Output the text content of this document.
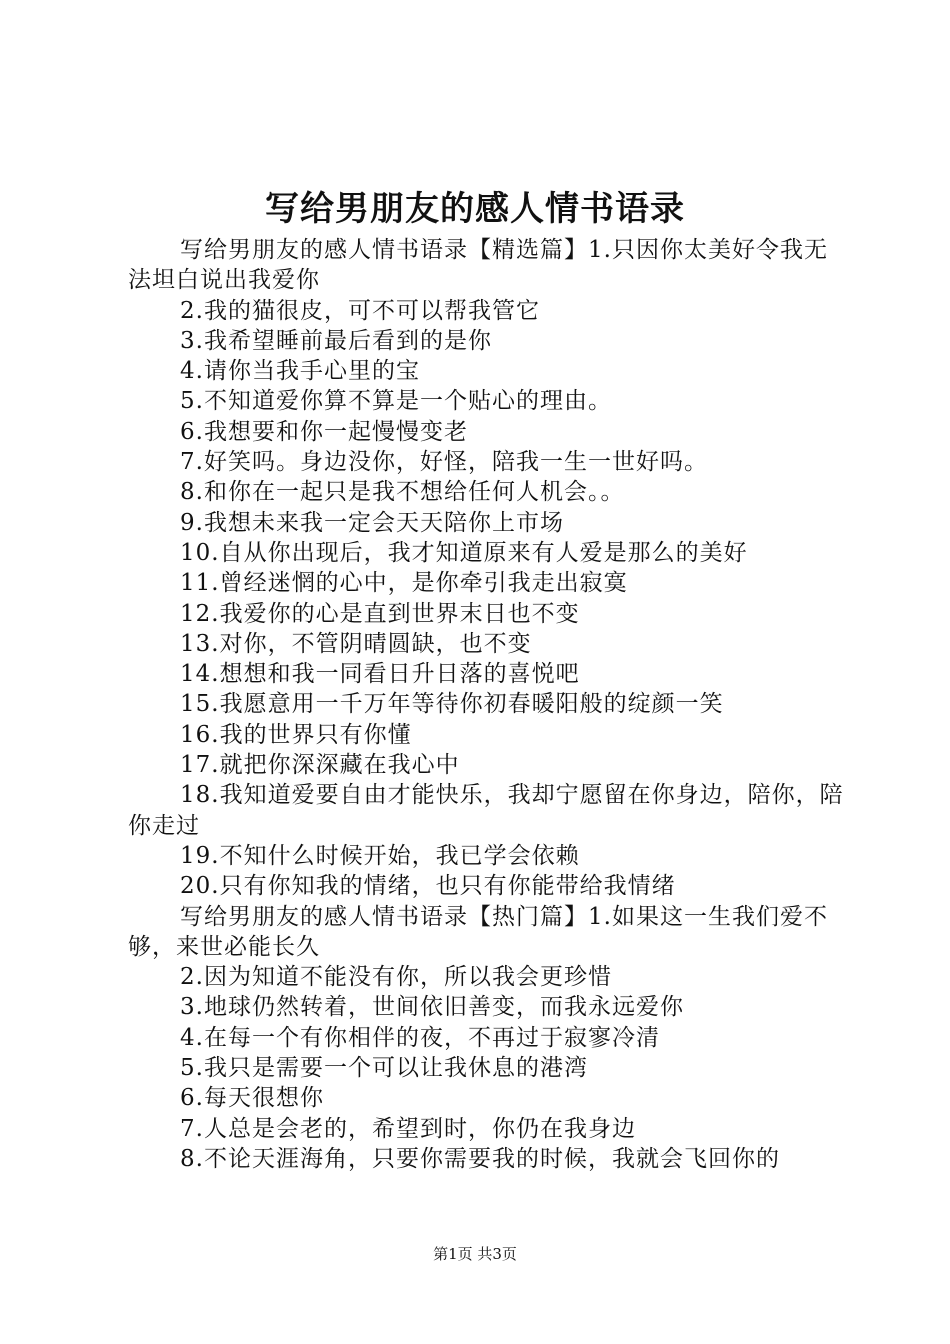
写给男朋友的感人情书语录

写给男朋友的感人情书语录【精选篇】1.只因你太美好令我无法坦白说出我爱你

2.我的猫很皮，可不可以帮我管它

3.我希望睡前最后看到的是你

4.请你当我手心里的宝

5.不知道爱你算不算是一个贴心的理由。

6.我想要和你一起慢慢变老

7.好笑吗。身边没你，好怪，陪我一生一世好吗。

8.和你在一起只是我不想给任何人机会。。

9.我想未来我一定会天天陪你上市场

10.自从你出现后，我才知道原来有人爱是那么的美好

11.曾经迷惘的心中，是你牵引我走出寂寞

12.我爱你的心是直到世界末日也不变

13.对你，不管阴晴圆缺，也不变

14.想想和我一同看日升日落的喜悦吧

15.我愿意用一千万年等待你初春暖阳般的绽颜一笑

16.我的世界只有你懂

17.就把你深深藏在我心中

18.我知道爱要自由才能快乐，我却宁愿留在你身边，陪你，陪你走过

19.不知什么时候开始，我已学会依赖

20.只有你知我的情绪，也只有你能带给我情绪

写给男朋友的感人情书语录【热门篇】1.如果这一生我们爱不够，来世必能长久

2.因为知道不能没有你，所以我会更珍惜

3.地球仍然转着，世间依旧善变，而我永远爱你

4.在每一个有你相伴的夜，不再过于寂寥冷清

5.我只是需要一个可以让我休息的港湾

6.每天很想你

7.人总是会老的，希望到时，你仍在我身边

8.不论天涯海角，只要你需要我的时候，我就会飞回你的

第1页 共3页
